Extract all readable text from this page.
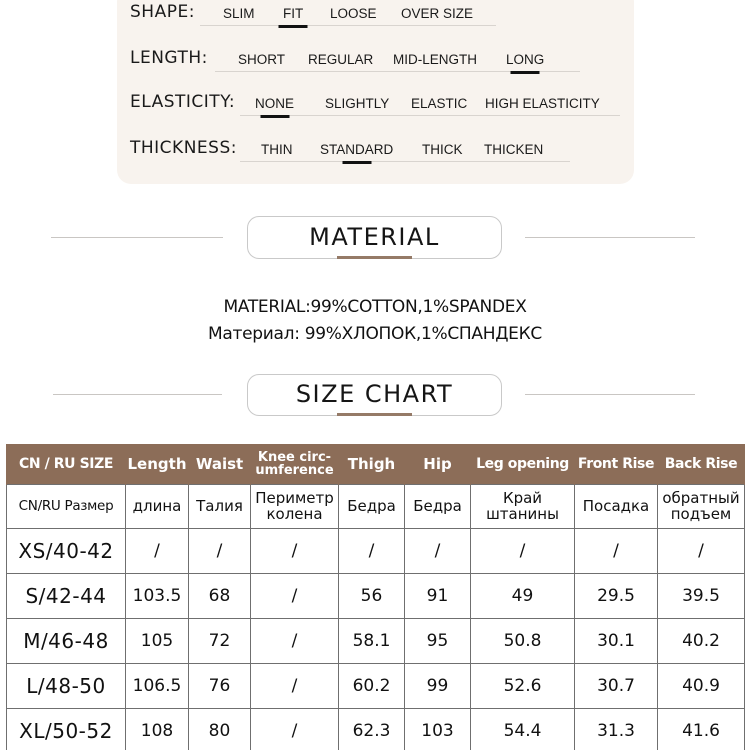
SHAPE: SLIM FIT LOOSE OVER SIZE
LENGTH: SHORT REGULAR MID-LENGTH LONG
ELASTICITY: NONE SLIGHTLY ELASTIC HIGH ELASTICITY
THICKNESS: THIN STANDARD THICK THICKEN
MATERIAL
MATERIAL:99%COTTON,1%SPANDEX
Материал: 99%ХЛОПОК,1%СПАНДЕКС
SIZE CHART
CN / RU SIZE	Length	Waist	Knee circ-umference	Thigh	Hip	Leg opening	Front Rise	Back Rise
CN/RU Размер	длина	Талия	Периметр колена	Бедра	Бедра	Край штанины	Посадка	обратный подъем
XS/40-42	/	/	/	/	/	/	/	/
S/42-44	103.5	68	/	56	91	49	29.5	39.5
M/46-48	105	72	/	58.1	95	50.8	30.1	40.2
L/48-50	106.5	76	/	60.2	99	52.6	30.7	40.9
XL/50-52	108	80	/	62.3	103	54.4	31.3	41.6
